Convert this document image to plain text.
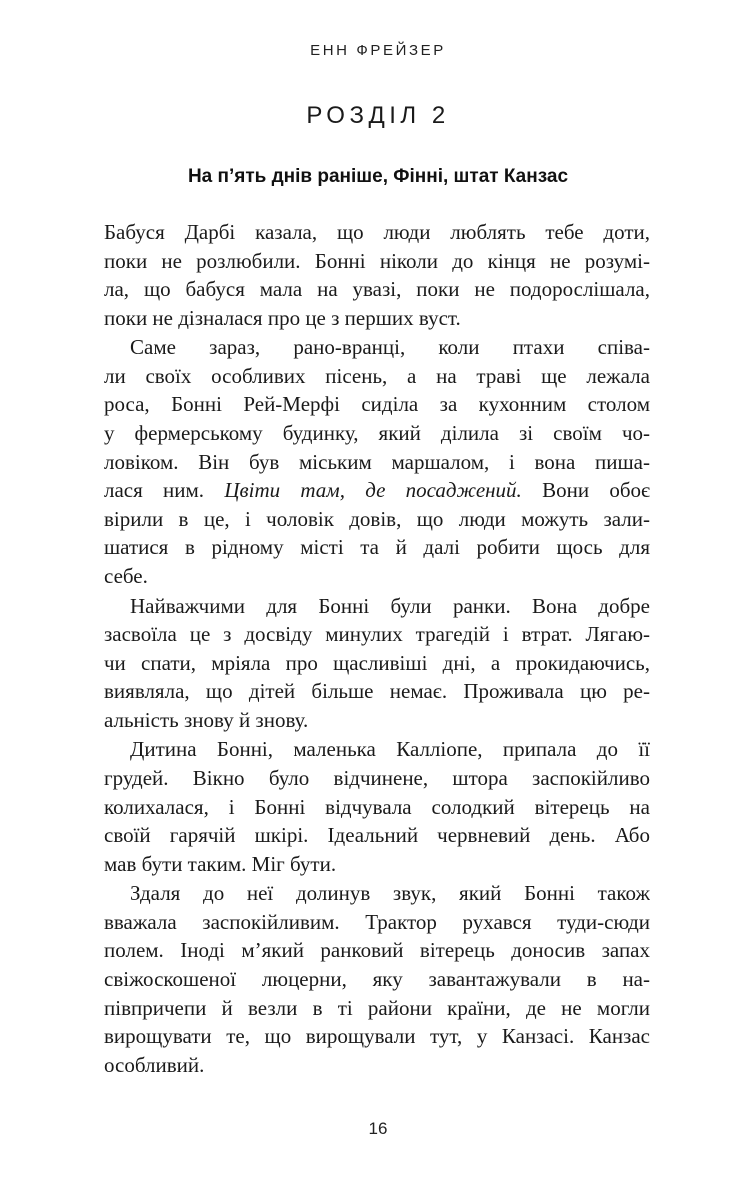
ЕНН ФРЕЙЗЕР
РОЗДІЛ 2
На п’ять днів раніше, Фінні, штат Канзас
Бабуся Дарбі казала, що люди люблять тебе доти,
поки не розлюбили. Бонні ніколи до кінця не розумі-
ла, що бабуся мала на увазі, поки не подорослішала,
поки не дізналася про це з перших вуст.
Саме зараз, рано-вранці, коли птахи співа-
ли своїх особливих пісень, а на траві ще лежала
роса, Бонні Рей-Мерфі сиділа за кухонним столом
у фермерському будинку, який ділила зі своїм чо-
ловіком. Він був міським маршалом, і вона пиша-
лася ним. Цвіти там, де посаджений. Вони обоє
вірили в це, і чоловік довів, що люди можуть зали-
шатися в рідному місті та й далі робити щось для
себе.
Найважчими для Бонні були ранки. Вона добре
засвоїла це з досвіду минулих трагедій і втрат. Лягаю-
чи спати, мріяла про щасливіші дні, а прокидаючись,
виявляла, що дітей більше немає. Проживала цю ре-
альність знову й знову.
Дитина Бонні, маленька Каллiопе, припала до її
грудей. Вікно було відчинене, штора заспокійливо
колихалася, і Бонні відчувала солодкий вітерець на
своїй гарячій шкірі. Ідеальний червневий день. Або
мав бути таким. Міг бути.
Здаля до неї долинув звук, який Бонні також
вважала заспокійливим. Трактор рухався туди-сюди
полем. Іноді м’який ранковий вітерець доносив запах
свіжоскошеної люцерни, яку завантажували в на-
півпричепи й везли в ті райони країни, де не могли
вирощувати те, що вирощували тут, у Канзасі. Канзас
особливий.
16
